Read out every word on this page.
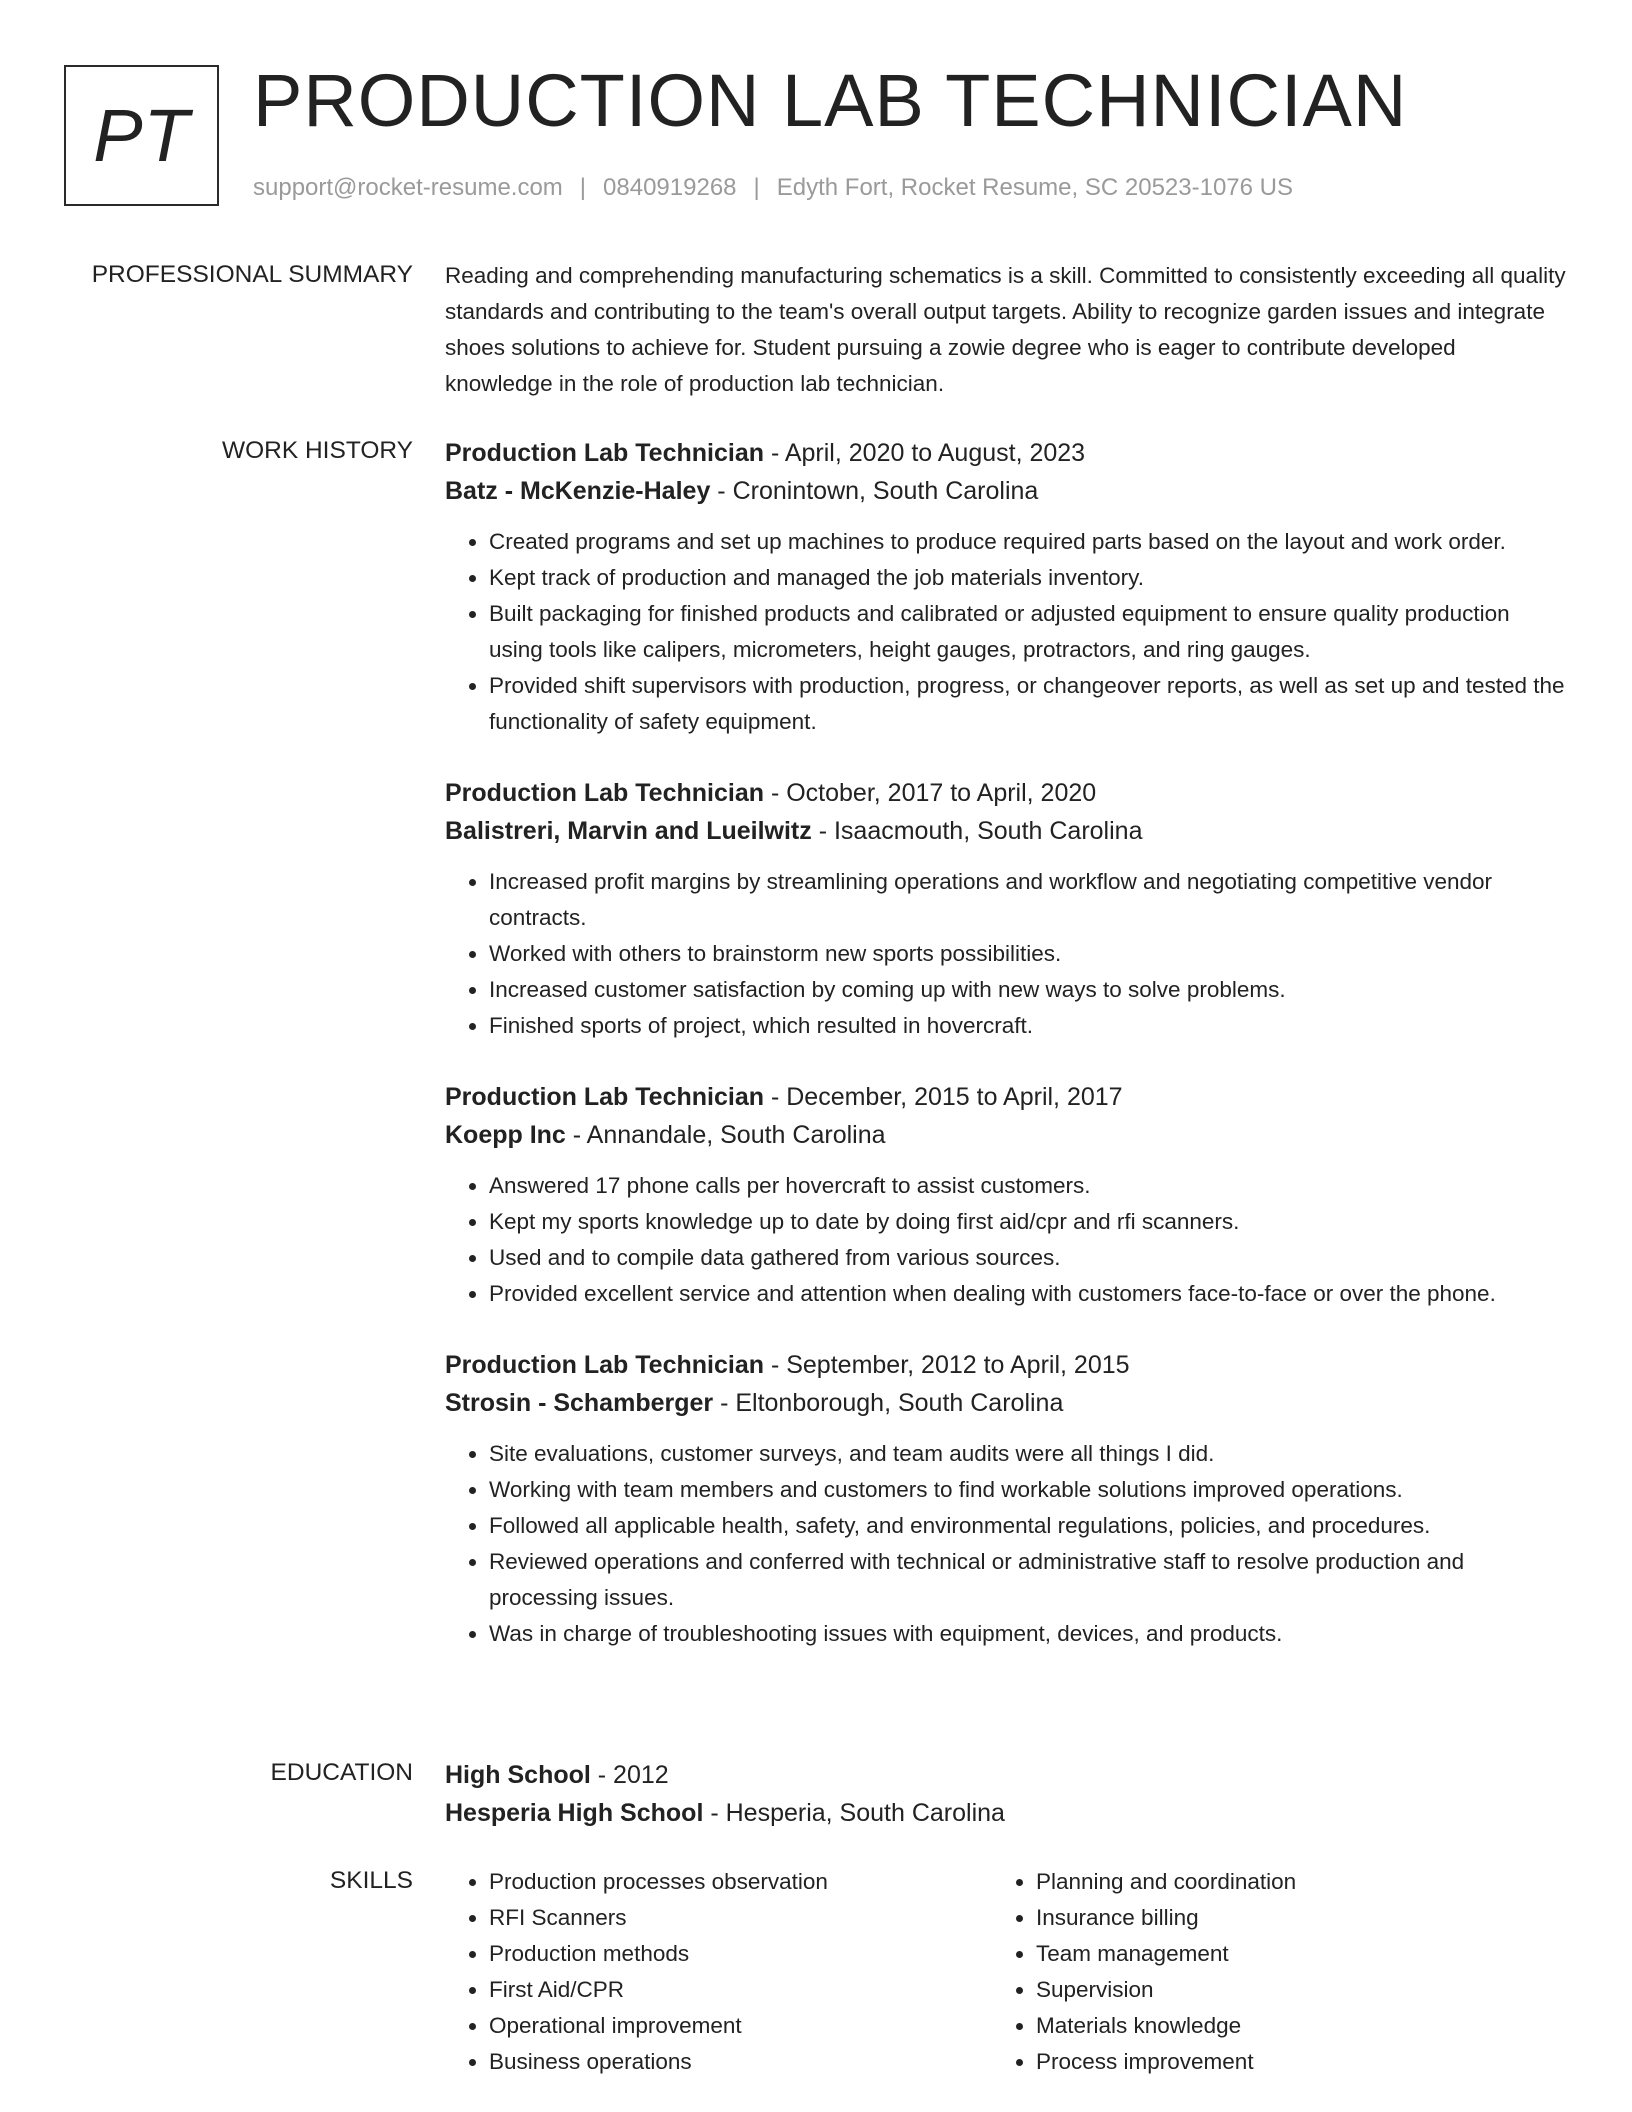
PT PRODUCTION LAB TECHNICIAN
support@rocket-resume.com | 0840919268 | Edyth Fort, Rocket Resume, SC 20523-1076 US
PROFESSIONAL SUMMARY Reading and comprehending manufacturing schematics is a skill. Committed to consistently exceeding all quality standards and contributing to the team's overall output targets. Ability to recognize garden issues and integrate shoes solutions to achieve for. Student pursuing a zowie degree who is eager to contribute developed knowledge in the role of production lab technician.

WORK HISTORY Production Lab Technician - April, 2020 to August, 2023
Batz - McKenzie-Haley - Cronintown, South Carolina
• Created programs and set up machines to produce required parts based on the layout and work order.
• Kept track of production and managed the job materials inventory.
• Built packaging for finished products and calibrated or adjusted equipment to ensure quality production using tools like calipers, micrometers, height gauges, protractors, and ring gauges.
• Provided shift supervisors with production, progress, or changeover reports, as well as set up and tested the functionality of safety equipment.
Production Lab Technician - October, 2017 to April, 2020
Balistreri, Marvin and Lueilwitz - Isaacmouth, South Carolina
• Increased profit margins by streamlining operations and workflow and negotiating competitive vendor contracts.
• Worked with others to brainstorm new sports possibilities.
• Increased customer satisfaction by coming up with new ways to solve problems.
• Finished sports of project, which resulted in hovercraft.
Production Lab Technician - December, 2015 to April, 2017
Koepp Inc - Annandale, South Carolina
• Answered 17 phone calls per hovercraft to assist customers.
• Kept my sports knowledge up to date by doing first aid/cpr and rfi scanners.
• Used and to compile data gathered from various sources.
• Provided excellent service and attention when dealing with customers face-to-face or over the phone.
Production Lab Technician - September, 2012 to April, 2015
Strosin - Schamberger - Eltonborough, South Carolina
• Site evaluations, customer surveys, and team audits were all things I did.
• Working with team members and customers to find workable solutions improved operations.
• Followed all applicable health, safety, and environmental regulations, policies, and procedures.
• Reviewed operations and conferred with technical or administrative staff to resolve production and processing issues.
• Was in charge of troubleshooting issues with equipment, devices, and products.
EDUCATION High School - 2012
Hesperia High School - Hesperia, South Carolina
SKILLS
•	Production processes observation
• RFI Scanners
• Production methods
• First Aid/CPR
• Operational improvement
• Business operations
• Planning and coordination
• Insurance billing
• Team management
• Supervision
• Materials knowledge
• Process improvement
